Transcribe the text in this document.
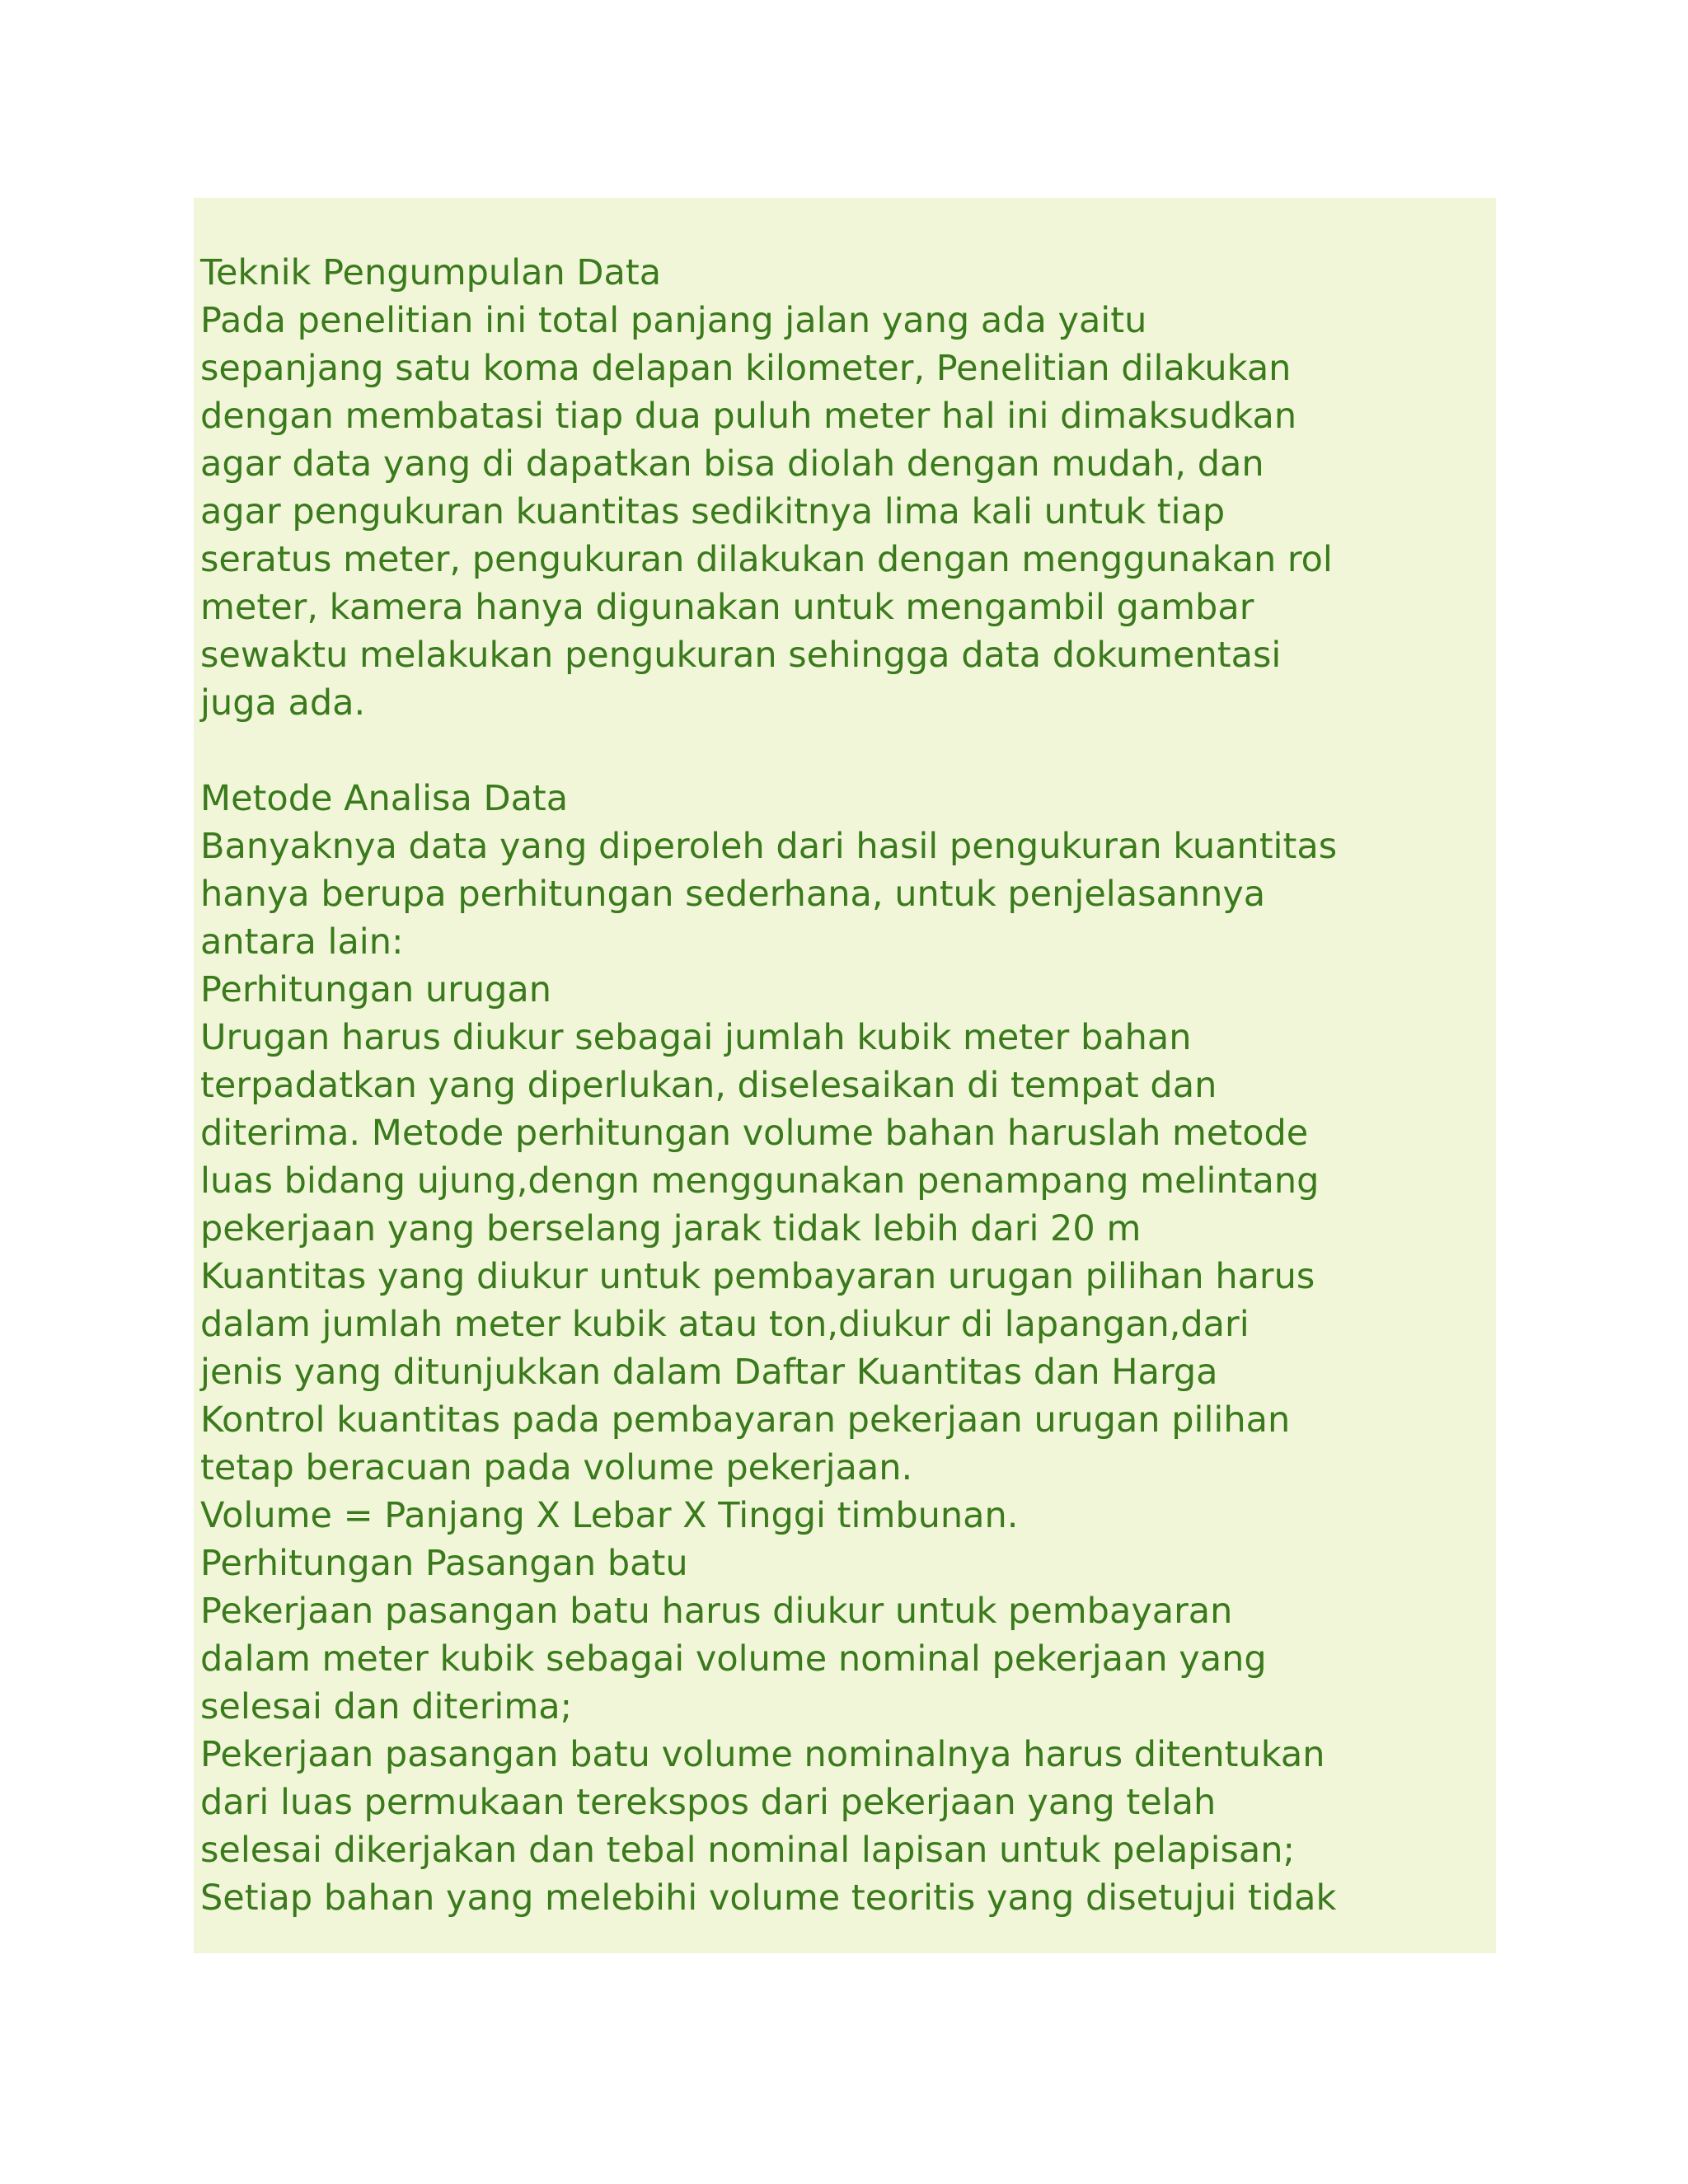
Teknik Pengumpulan Data

Pada penelitian ini total panjang jalan yang ada yaitu

sepanjang satu koma delapan kilometer, Penelitian dilakukan

dengan membatasi tiap dua puluh meter hal ini dimaksudkan

agar data yang di dapatkan bisa diolah dengan mudah, dan

agar pengukuran kuantitas sedikitnya lima kali untuk tiap

seratus meter, pengukuran dilakukan dengan menggunakan rol

meter, kamera hanya digunakan untuk mengambil gambar

sewaktu melakukan pengukuran sehingga data dokumentasi

juga ada.

Metode Analisa Data

Banyaknya data yang diperoleh dari hasil pengukuran kuantitas

hanya berupa perhitungan sederhana, untuk penjelasannya

antara lain:

Perhitungan urugan

Urugan harus diukur sebagai jumlah kubik meter bahan

terpadatkan yang diperlukan, diselesaikan di tempat dan

diterima. Metode perhitungan volume bahan haruslah metode

luas bidang ujung,dengn menggunakan penampang melintang

pekerjaan yang berselang jarak tidak lebih dari 20 m

Kuantitas yang diukur untuk pembayaran urugan pilihan harus

dalam jumlah meter kubik atau ton,diukur di lapangan,dari

jenis yang ditunjukkan dalam Daftar Kuantitas dan Harga

Kontrol kuantitas pada pembayaran pekerjaan urugan pilihan

tetap beracuan pada volume pekerjaan.

Volume = Panjang X Lebar X Tinggi timbunan.

Perhitungan Pasangan batu

Pekerjaan pasangan batu harus diukur untuk pembayaran

dalam meter kubik sebagai volume nominal pekerjaan yang

selesai dan diterima;

Pekerjaan pasangan batu volume nominalnya harus ditentukan

dari luas permukaan terekspos dari pekerjaan yang telah

selesai dikerjakan dan tebal nominal lapisan untuk pelapisan;

Setiap bahan yang melebihi volume teoritis yang disetujui tidak
